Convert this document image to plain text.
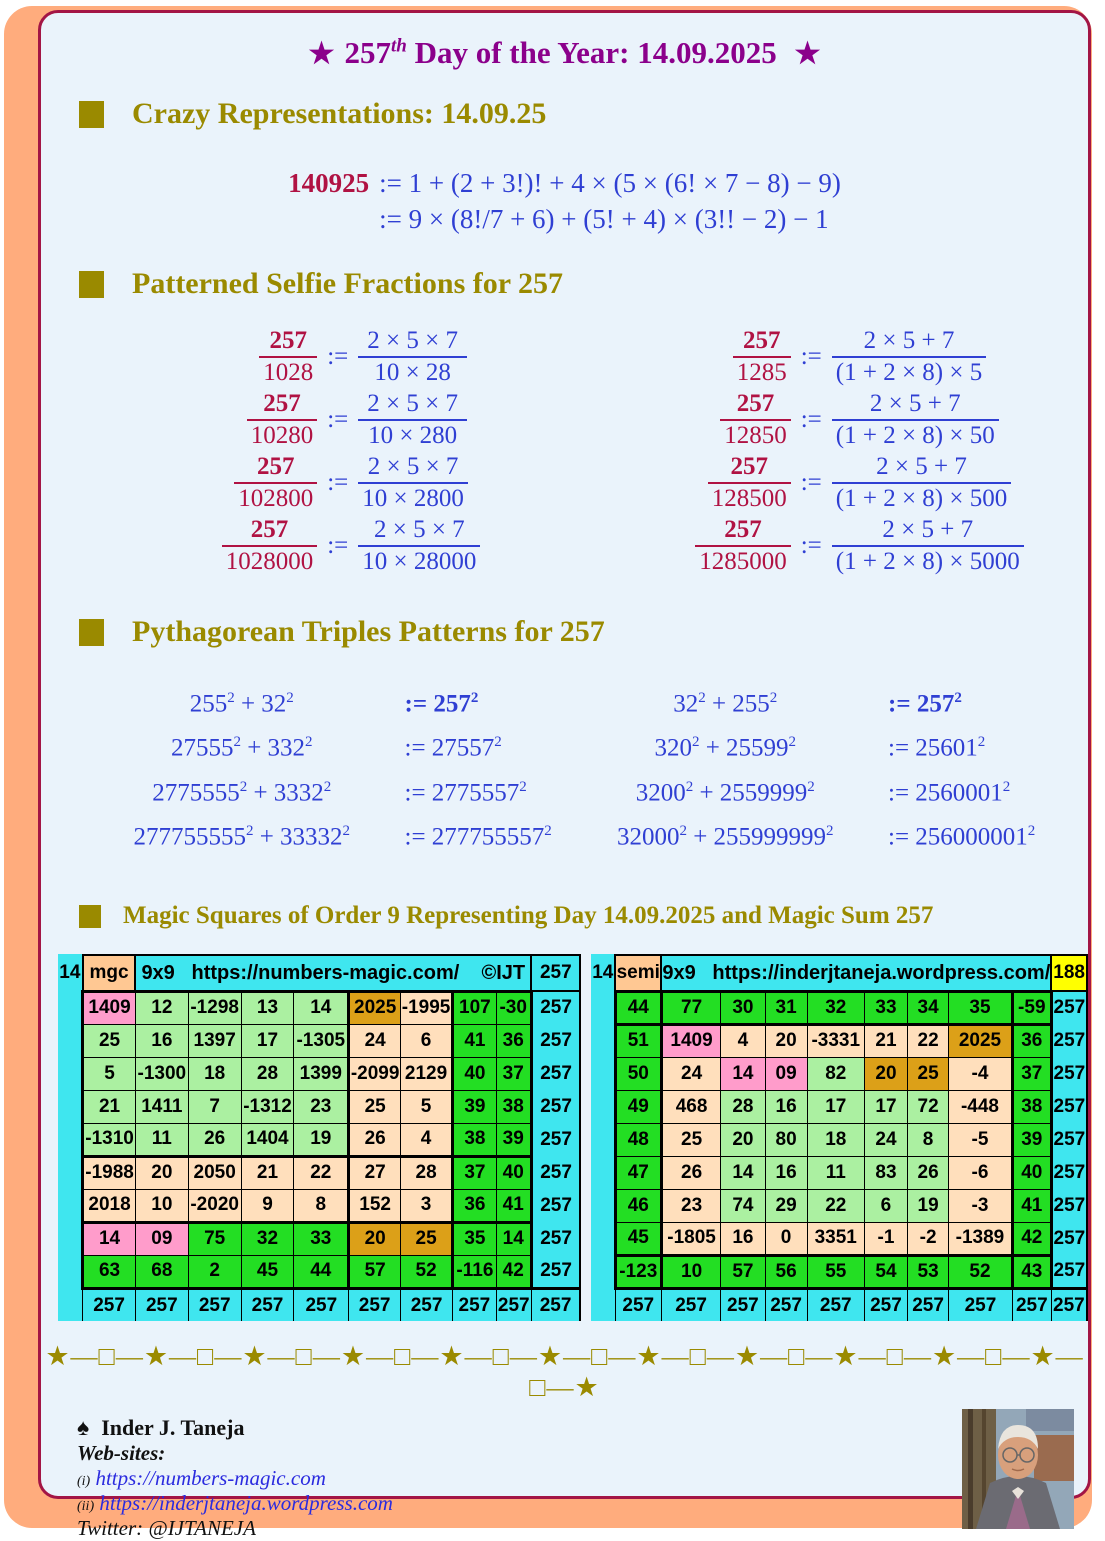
★ 257th Day of the Year: 14.09.2025 ★
Crazy Representations: 14.09.25
140925 := 1 + (2 + 3!)! + 4 × (5 × (6! × 7 − 8) − 9)
:= 9 × (8!/7 + 6) + (5! + 4) × (3!! − 2) − 1
Patterned Selfie Fractions for 257
$\frac{257}{1028}$ := $\frac{2 \times 5 \times 7}{10 \times 28}$
$\frac{257}{10280}$ := $\frac{2 \times 5 \times 7}{10 \times 280}$
$\frac{257}{102800}$ := $\frac{2 \times 5 \times 7}{10 \times 2800}$
$\frac{257}{1028000}$ := $\frac{2 \times 5 \times 7}{10 \times 28000}$
$\frac{257}{1285}$ := $\frac{2 \times 5 + 7}{(1 + 2 \times 8) \times 5}$
$\frac{257}{12850}$ := $\frac{2 \times 5 + 7}{(1 + 2 \times 8) \times 50}$
$\frac{257}{128500}$ := $\frac{2 \times 5 + 7}{(1 + 2 \times 8) \times 500}$
$\frac{257}{1285000}$ := $\frac{2 \times 5 + 7}{(1 + 2 \times 8) \times 5000}$
Pythagorean Triples Patterns for 257
$255^2 + 32^2$	:= $257^2$
$27555^2 + 332^2$	:= $27557^2$
$2775555^2 + 3332^2$	:= $2775557^2$
$277755555^2 + 33332^2$	:= $277755557^2$
$32^2 + 255^2$	:= $257^2$
$320^2 + 25599^2$	:= $25601^2$
$3200^2 + 2559999^2$	:= $2560001^2$
$32000^2 + 255999999^2$	:= $256000001^2$
Magic Squares of Order 9 Representing Day 14.09.2025 and Magic Sum 257
14	mgc	9x9   https://numbers-magic.com/    ©IJT								257
	1409	12	-1298	13	14	2025	-1995	107	-30	257
	25	16	1397	17	-1305	24	6	41	36	257
	5	-1300	18	28	1399	-2099	2129	40	37	257
	21	1411	7	-1312	23	25	5	39	38	257
	-1310	11	26	1404	19	26	4	38	39	257
	-1988	20	2050	21	22	27	28	37	40	257
	2018	10	-2020	9	8	152	3	36	41	257
	14	09	75	32	33	20	25	35	14	257
	63	68	2	45	44	57	52	-116	42	257
	257	257	257	257	257	257	257	257	257	257
14	semi	9x9   https://inderjtaneja.wordpress.com/								188
	44	77	30	31	32	33	34	35	-59	257
	51	1409	4	20	-3331	21	22	2025	36	257
	50	24	14	09	82	20	25	-4	37	257
	49	468	28	16	17	17	72	-448	38	257
	48	25	20	80	18	24	8	-5	39	257
	47	26	14	16	11	83	26	-6	40	257
	46	23	74	29	22	6	19	-3	41	257
	45	-1805	16	0	3351	-1	-2	-1389	42	257
	-123	10	57	56	55	54	53	52	43	257
	257	257	257	257	257	257	257	257	257	257
★—□—★—□—★—□—★—□—★—□—★—□—★—□—★—□—★—□—★—□—★—□—★
♠ Inder J. Taneja
Web-sites:
(i) https://numbers-magic.com
(ii) https://inderjtaneja.wordpress.com
Twitter: @IJTANEJA
